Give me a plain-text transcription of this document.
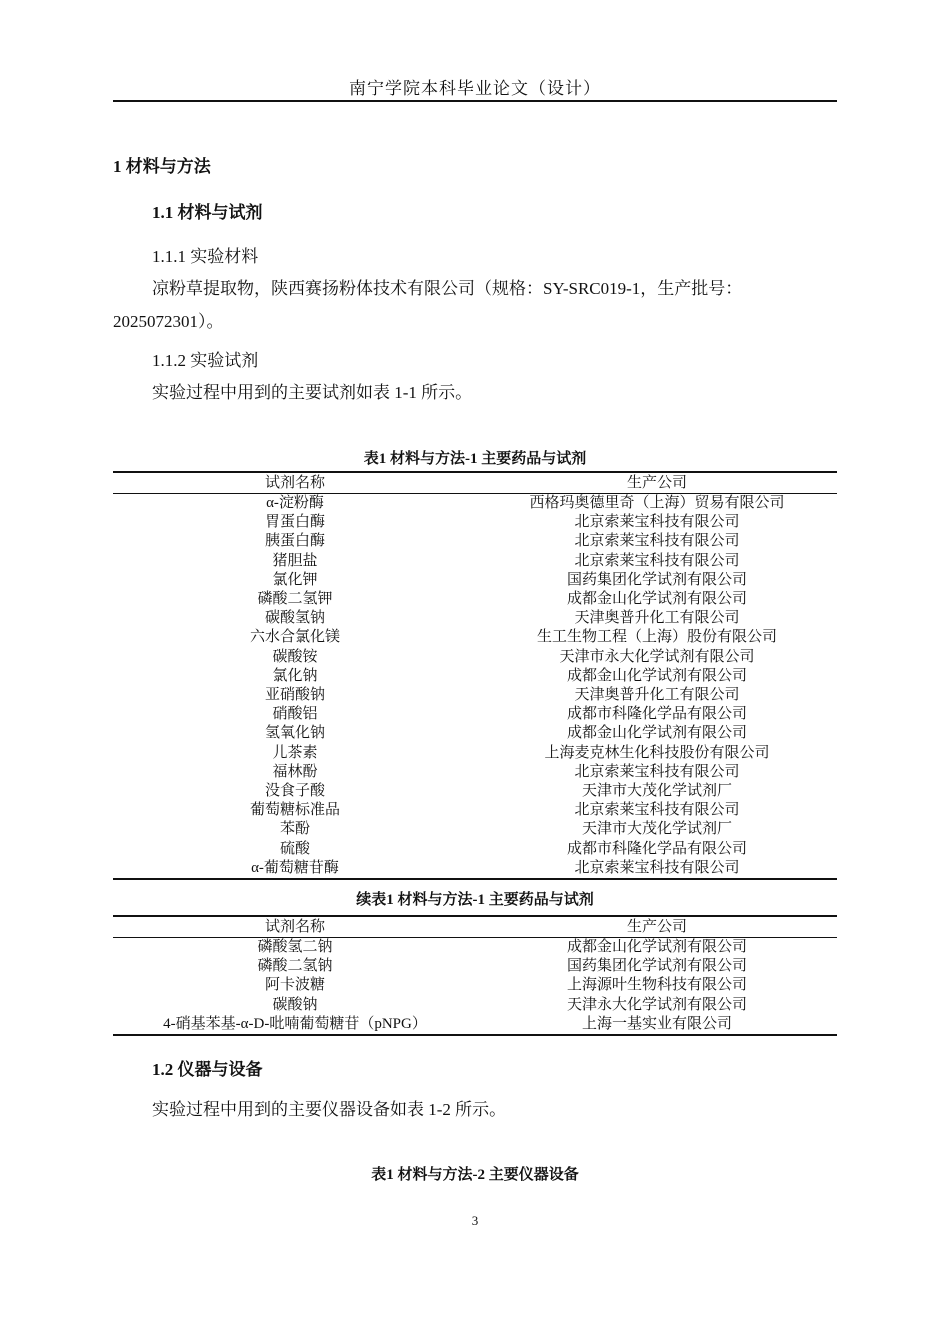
南宁学院本科毕业论文（设计）
1 材料与方法
1.1 材料与试剂
1.1.1 实验材料
凉粉草提取物，陕西赛扬粉体技术有限公司（规格：SY-SRC019-1，生产批号：2025072301）。
1.1.2 实验试剂
实验过程中用到的主要试剂如表 1-1 所示。
表1 材料与方法-1 主要药品与试剂
试剂名称	生产公司
α-淀粉酶	西格玛奥德里奇（上海）贸易有限公司
胃蛋白酶	北京索莱宝科技有限公司
胰蛋白酶	北京索莱宝科技有限公司
猪胆盐	北京索莱宝科技有限公司
氯化钾	国药集团化学试剂有限公司
磷酸二氢钾	成都金山化学试剂有限公司
碳酸氢钠	天津奥普升化工有限公司
六水合氯化镁	生工生物工程（上海）股份有限公司
碳酸铵	天津市永大化学试剂有限公司
氯化钠	成都金山化学试剂有限公司
亚硝酸钠	天津奥普升化工有限公司
硝酸铝	成都市科隆化学品有限公司
氢氧化钠	成都金山化学试剂有限公司
儿茶素	上海麦克林生化科技股份有限公司
福林酚	北京索莱宝科技有限公司
没食子酸	天津市大茂化学试剂厂
葡萄糖标准品	北京索莱宝科技有限公司
苯酚	天津市大茂化学试剂厂
硫酸	成都市科隆化学品有限公司
α-葡萄糖苷酶	北京索莱宝科技有限公司
续表1 材料与方法-1 主要药品与试剂
试剂名称	生产公司
磷酸氢二钠	成都金山化学试剂有限公司
磷酸二氢钠	国药集团化学试剂有限公司
阿卡波糖	上海源叶生物科技有限公司
碳酸钠	天津永大化学试剂有限公司
4-硝基苯基-α-D-吡喃葡萄糖苷（pNPG）	上海一基实业有限公司
1.2 仪器与设备
实验过程中用到的主要仪器设备如表 1-2 所示。
表1 材料与方法-2 主要仪器设备
3
